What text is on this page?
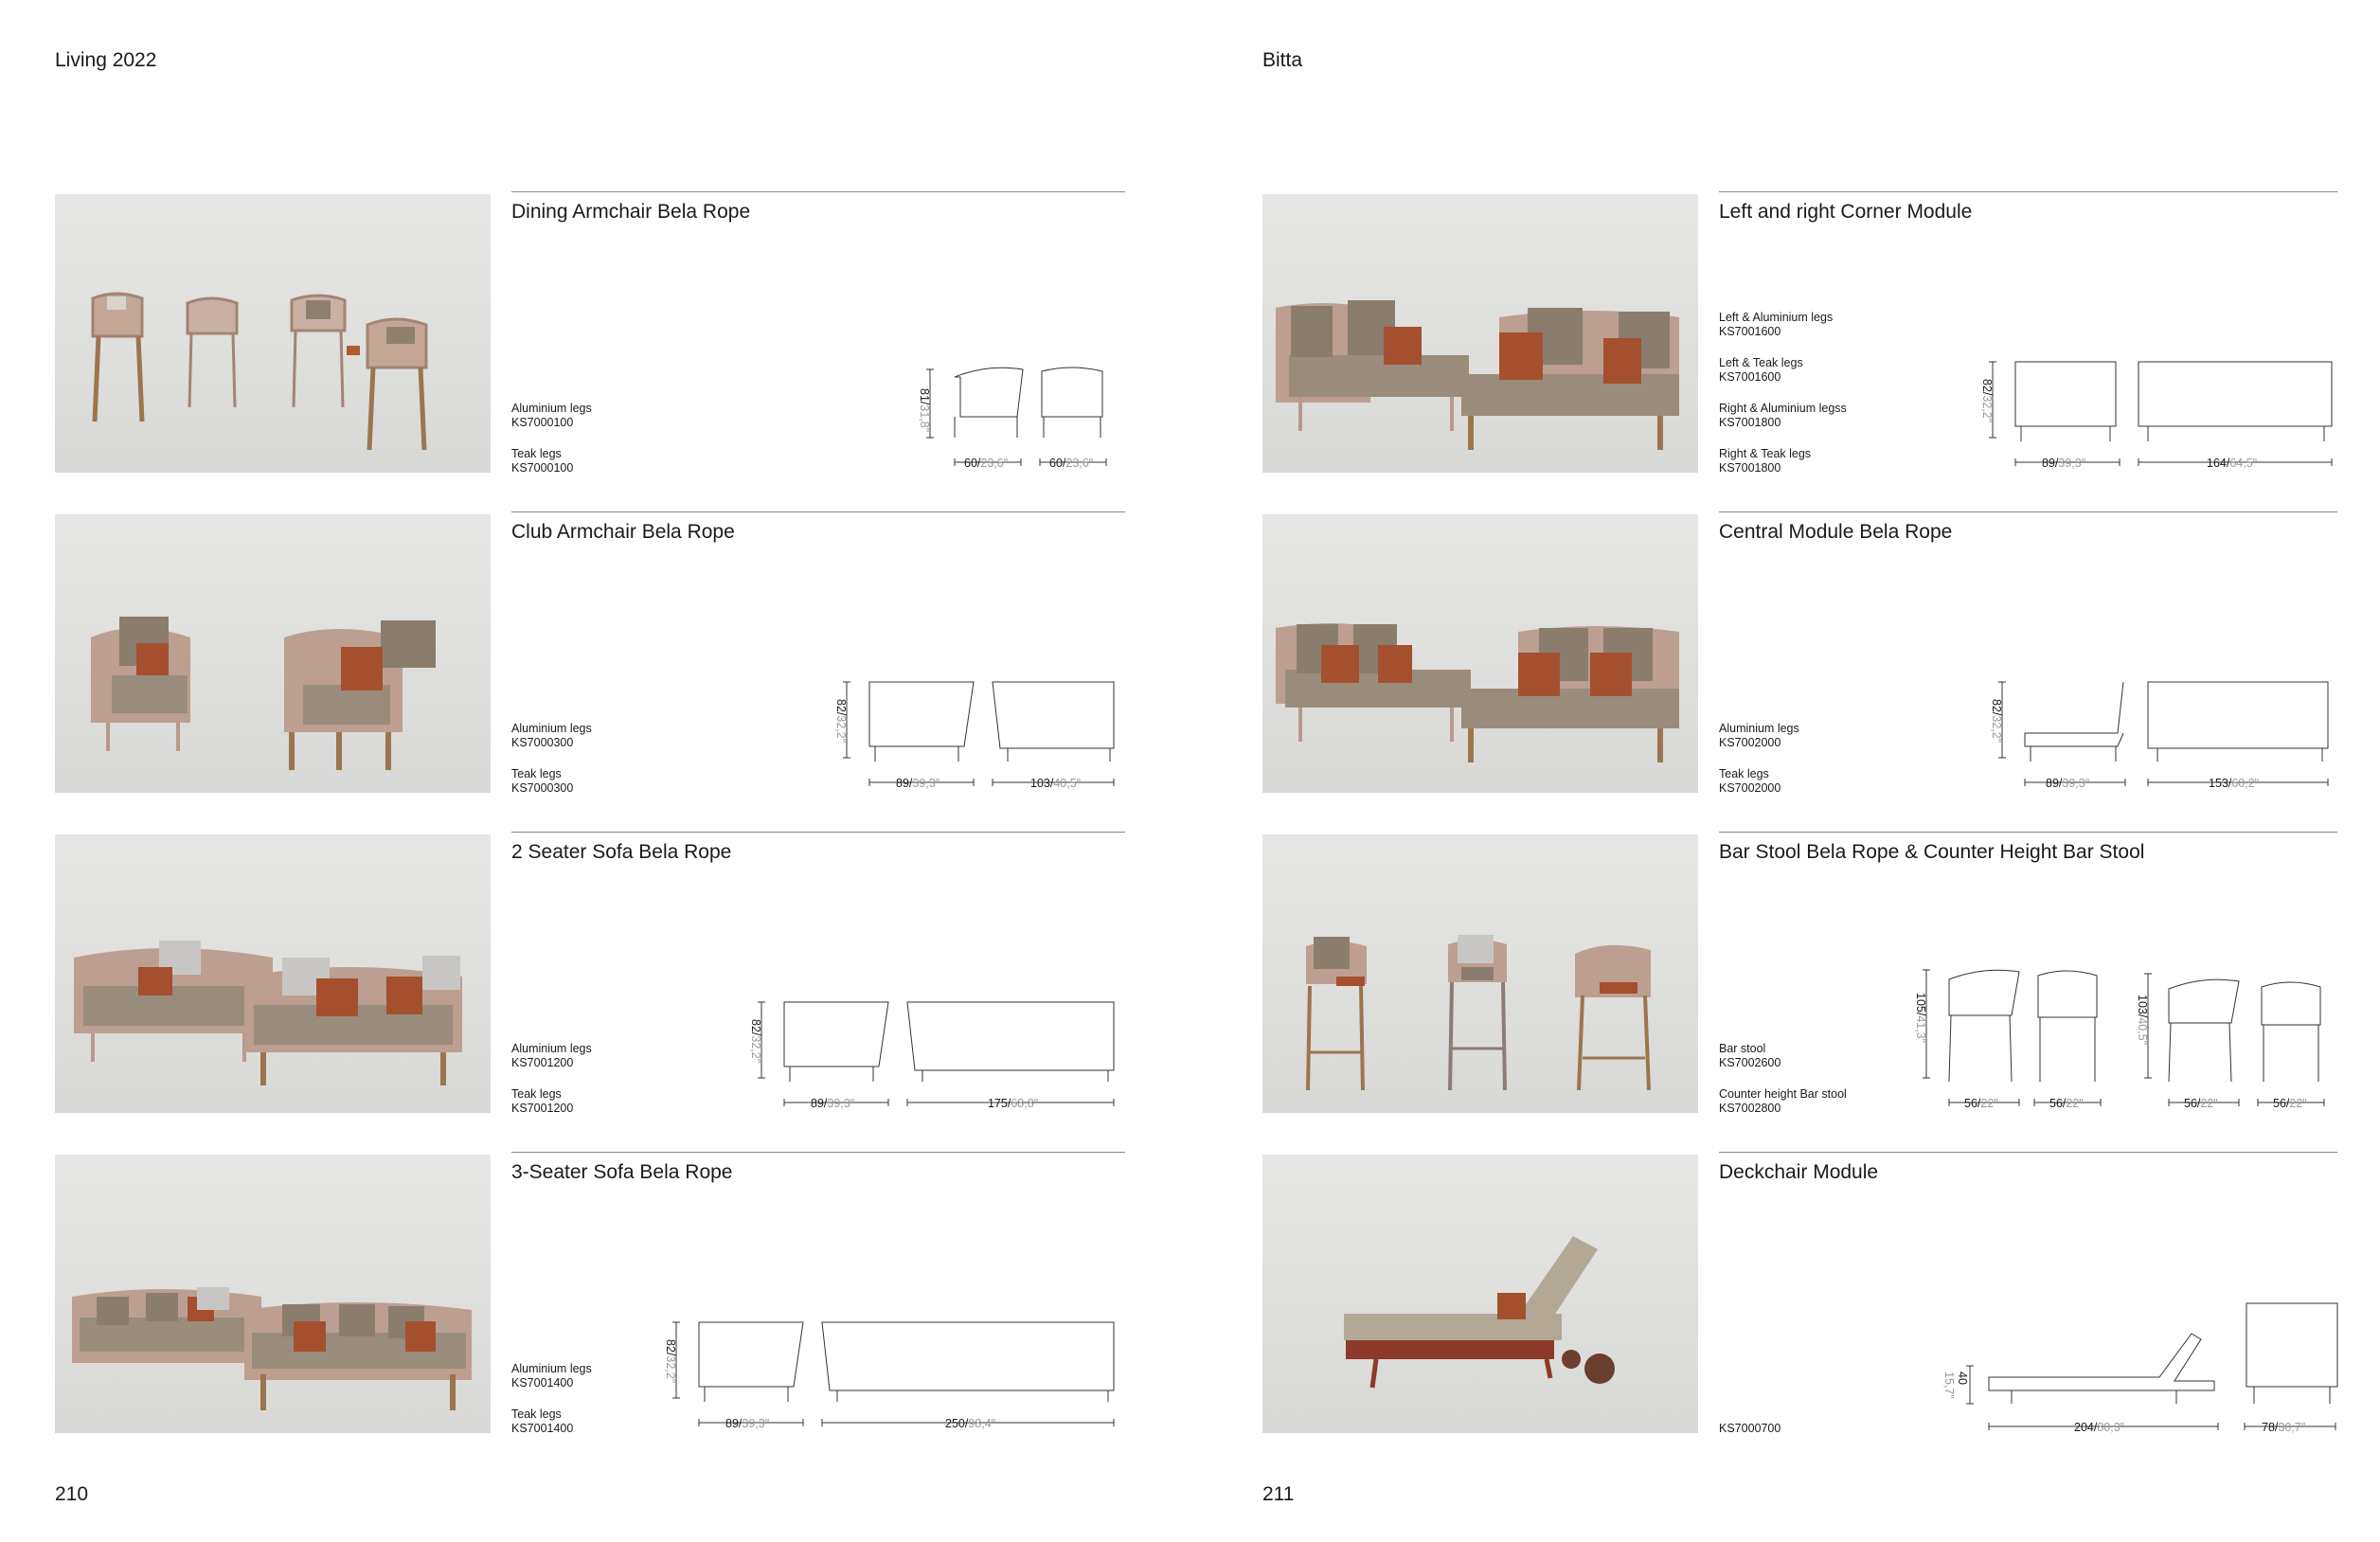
Living 2022
210
Dining Armchair Bela Rope
Aluminium legs
KS7000100
Teak legs
KS7000100
81/31,8"
60/23,6"	60/23,6"
Club Armchair Bela Rope
Aluminium legs
KS7000300
Teak legs
KS7000300
82/32,2"
89/39,3"	103/40,5"
2 Seater Sofa Bela Rope
Aluminium legs
KS7001200
Teak legs
KS7001200
82/32,2"
89/39,3"	175/68,8"
3-Seater Sofa Bela Rope
Aluminium legs
KS7001400
Teak legs
KS7001400
82/32,2"
89/39,3"	250/98,4"
Bitta
211
Left and right Corner Module
Left & Aluminium legs
KS7001600
Left & Teak legs
KS7001600
Right & Aluminium legss
KS7001800
Right & Teak legs
KS7001800
82/32,2"
89/39,3"	164/64,5"
Central Module Bela Rope
Aluminium legs
KS7002000
Teak legs
KS7002000
82/32,2"
89/39,3"	153/60,2"
Bar Stool Bela Rope & Counter Height Bar Stool
Bar stool
KS7002600
Counter height Bar stool
KS7002800
105/41,3"
103/40,5"
56/22"	56/22"	56/22"	56/22"
Deckchair Module
KS7000700
40
15,7"
204/80,3"	78/30,7"
